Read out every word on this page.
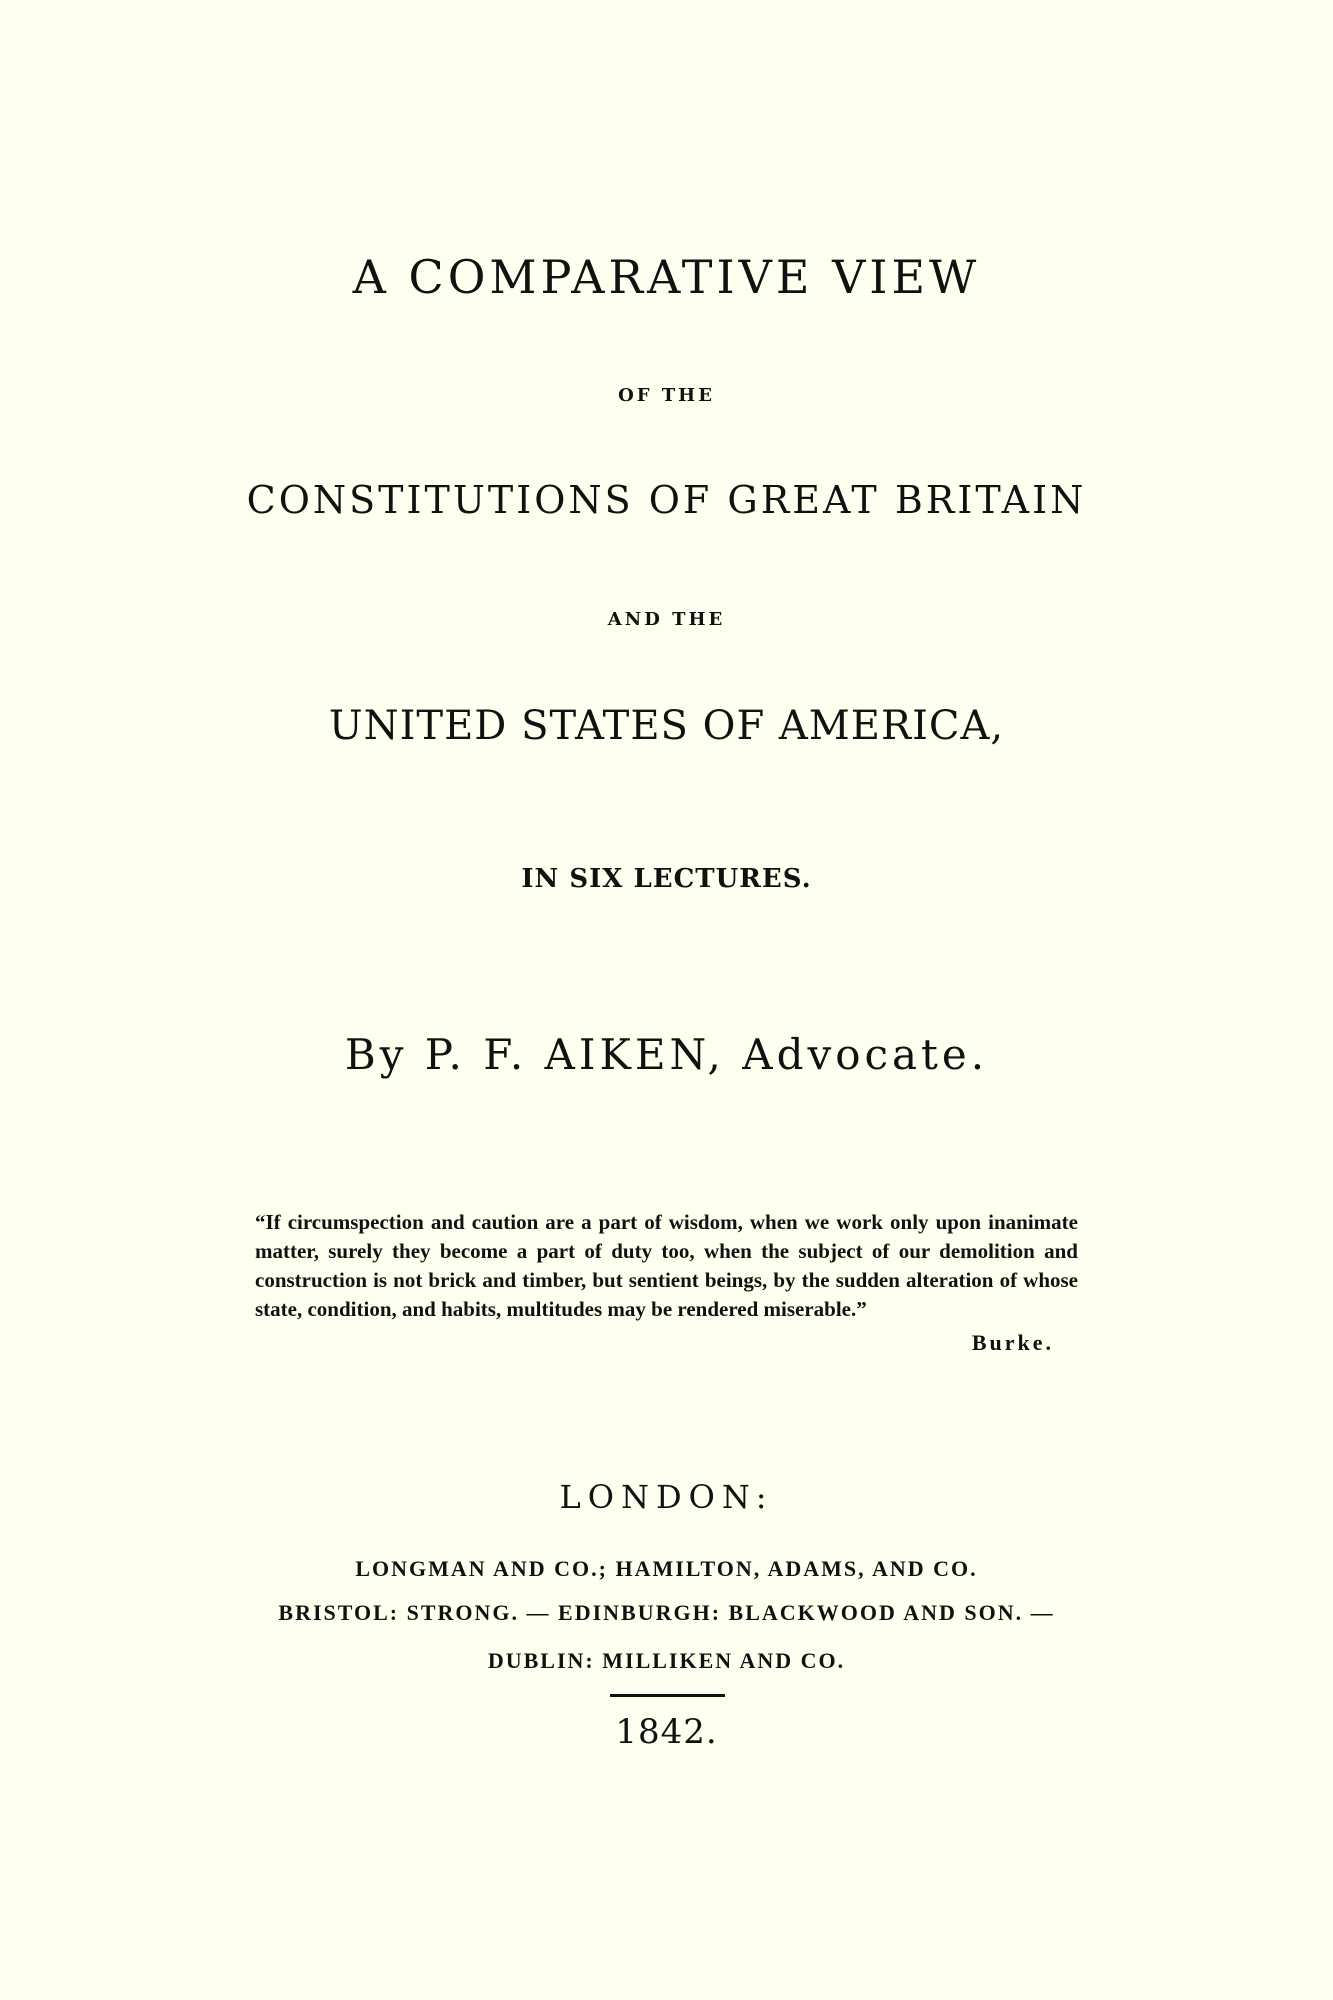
A COMPARATIVE VIEW
OF THE
CONSTITUTIONS OF GREAT BRITAIN
AND THE
UNITED STATES OF AMERICA,
IN SIX LECTURES.
By P. F. AIKEN, Advocate.
“If circumspection and caution are a part of wisdom, when we work only upon inanimate matter, surely they become a part of duty too, when the subject of our demolition and construction is not brick and timber, but sentient beings, by the sudden alteration of whose state, condition, and habits, multitudes may be rendered miserable.”
Burke.
LONDON:
LONGMAN AND CO.; HAMILTON, ADAMS, AND CO.
BRISTOL: STRONG. — EDINBURGH: BLACKWOOD AND SON. —
DUBLIN: MILLIKEN AND CO.
1842.
